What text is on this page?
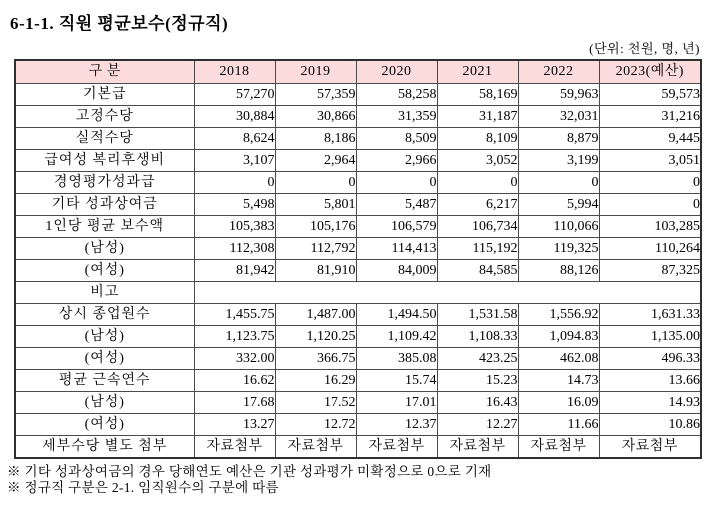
6-1-1. 직원 평균보수(정규직)
(단위: 천원, 명, 년)
구 분	2018	2019	2020	2021	2022	2023(예산)
기본급	57,270	57,359	58,258	58,169	59,963	59,573
고정수당	30,884	30,866	31,359	31,187	32,031	31,216
실적수당	8,624	8,186	8,509	8,109	8,879	9,445
급여성 복리후생비	3,107	2,964	2,966	3,052	3,199	3,051
경영평가성과급	0	0	0	0	0	0
기타 성과상여금	5,498	5,801	5,487	6,217	5,994	0
1인당 평균 보수액	105,383	105,176	106,579	106,734	110,066	103,285
(남성)	112,308	112,792	114,413	115,192	119,325	110,264
(여성)	81,942	81,910	84,009	84,585	88,126	87,325
비고						
상시 종업원수	1,455.75	1,487.00	1,494.50	1,531.58	1,556.92	1,631.33
(남성)	1,123.75	1,120.25	1,109.42	1,108.33	1,094.83	1,135.00
(여성)	332.00	366.75	385.08	423.25	462.08	496.33
평균 근속연수	16.62	16.29	15.74	15.23	14.73	13.66
(남성)	17.68	17.52	17.01	16.43	16.09	14.93
(여성)	13.27	12.72	12.37	12.27	11.66	10.86
세부수당 별도 첨부	자료첨부	자료첨부	자료첨부	자료첨부	자료첨부	자료첨부
※ 기타 성과상여금의 경우 당해연도 예산은 기관 성과평가 미확정으로 0으로 기재
※ 정규직 구분은 2-1. 임직원수의 구분에 따름
